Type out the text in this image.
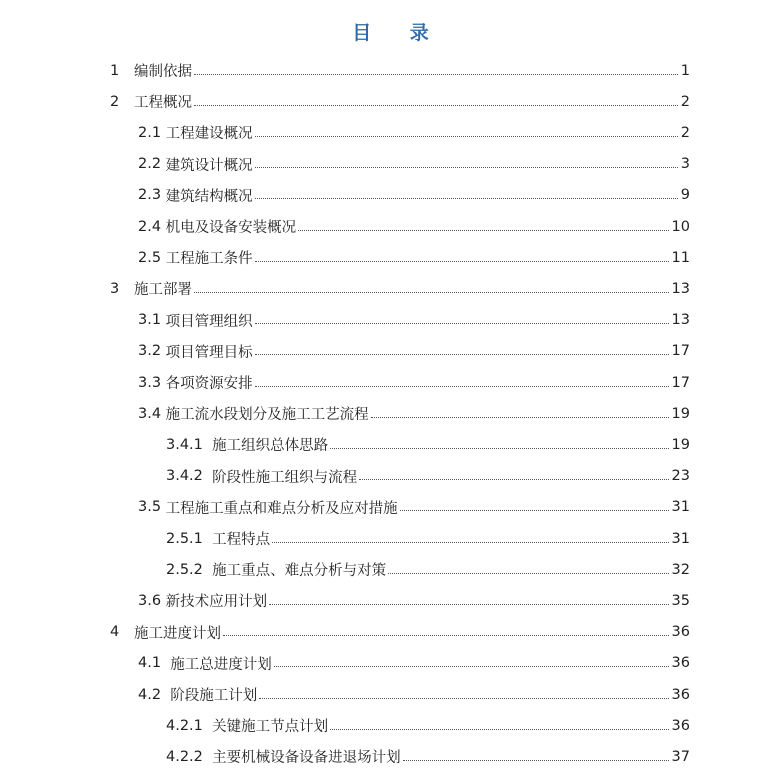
目 录
1	编制依据	1
2	工程概况	2
2.1 工程建设概况	2
2.2 建筑设计概况	3
2.3 建筑结构概况	9
2.4 机电及设备安装概况	10
2.5 工程施工条件	11
3	施工部署	13
3.1 项目管理组织	13
3.2 项目管理目标	17
3.3 各项资源安排	17
3.4 施工流水段划分及施工工艺流程	19
3.4.1 施工组织总体思路	19
3.4.2 阶段性施工组织与流程	23
3.5 工程施工重点和难点分析及应对措施	31
2.5.1 工程特点	31
2.5.2 施工重点、难点分析与对策	32
3.6 新技术应用计划	35
4	施工进度计划	36
4.1 施工总进度计划	36
4.2 阶段施工计划	36
4.2.1 关键施工节点计划	36
4.2.2 主要机械设备设备进退场计划	37
